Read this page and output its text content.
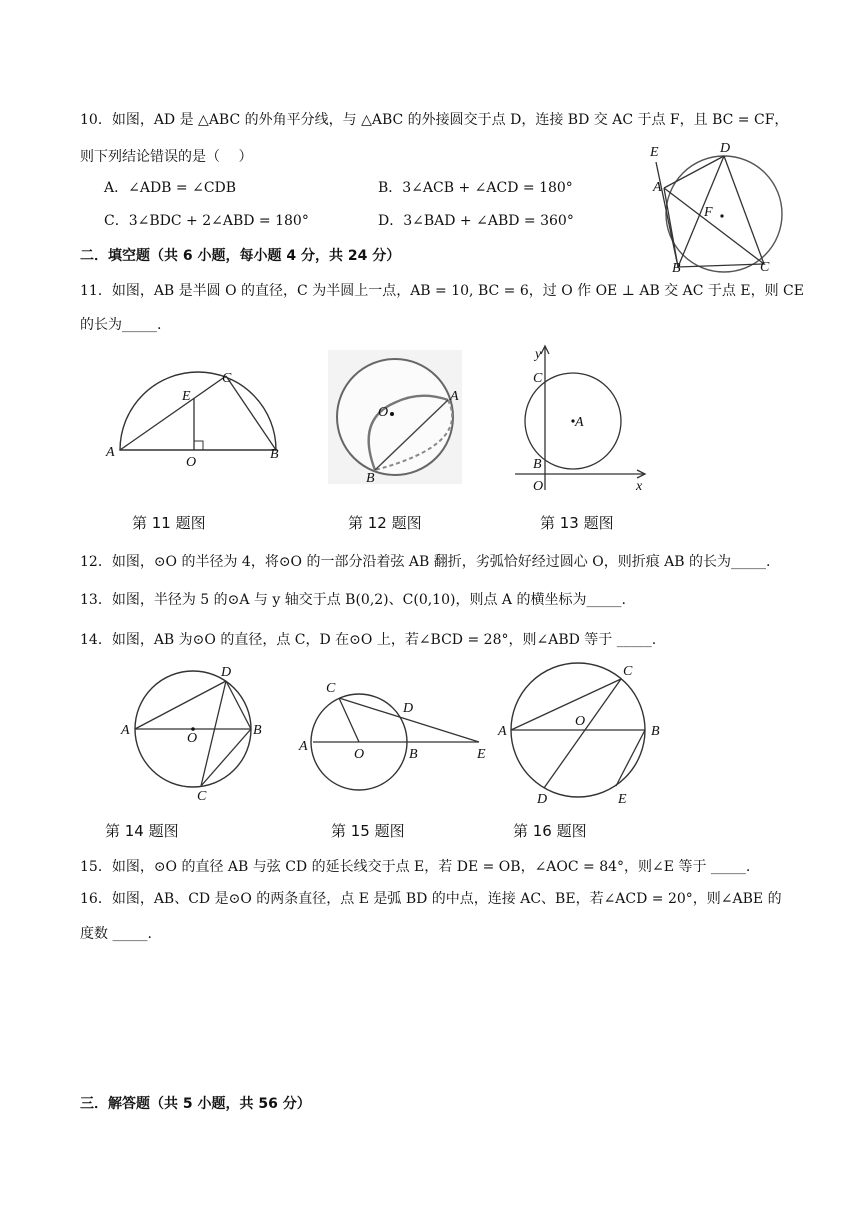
10．如图，AD 是 △ABC 的外角平分线，与 △ABC 的外接圆交于点 D，连接 BD 交 AC 于点 F，且 BC = CF，
则下列结论错误的是（　 ）
A．∠ADB = ∠CDB	B．3∠ACB + ∠ACD = 180°
C．3∠BDC + 2∠ABD = 180°	D．3∠BAD + ∠ABD = 360°
E	D
A
F
B	C
二．填空题（共 6 小题，每小题 4 分，共 24 分）
11．如图，AB 是半圆 O 的直径，C 为半圆上一点，AB = 10, BC = 6，过 O 作 OE ⊥ AB 交 AC 于点 E，则 CE
的长为_____.
A	B
C
E
O
O
A
B
y
x
C
A
B
O
第 11 题图	第 12 题图	第 13 题图
12．如图，⊙O 的半径为 4，将⊙O 的一部分沿着弦 AB 翻折，劣弧恰好经过圆心 O，则折痕 AB 的长为_____.
13．如图，半径为 5 的⊙A 与 y 轴交于点 B(0,2)、C(0,10)，则点 A 的横坐标为_____.
14．如图，AB 为⊙O 的直径，点 C，D 在⊙O 上，若∠BCD = 28°，则∠ABD 等于 _____.
A	B
C
D
O
A
B
C
D
E
O
A	B
C
D	E
O
第 14 题图	第 15 题图	第 16 题图
15．如图，⊙O 的直径 AB 与弦 CD 的延长线交于点 E，若 DE = OB，∠AOC = 84°，则∠E 等于 _____.
16．如图，AB、CD 是⊙O 的两条直径，点 E 是弧 BD 的中点，连接 AC、BE，若∠ACD = 20°，则∠ABE 的
度数 _____.
三．解答题（共 5 小题，共 56 分）
